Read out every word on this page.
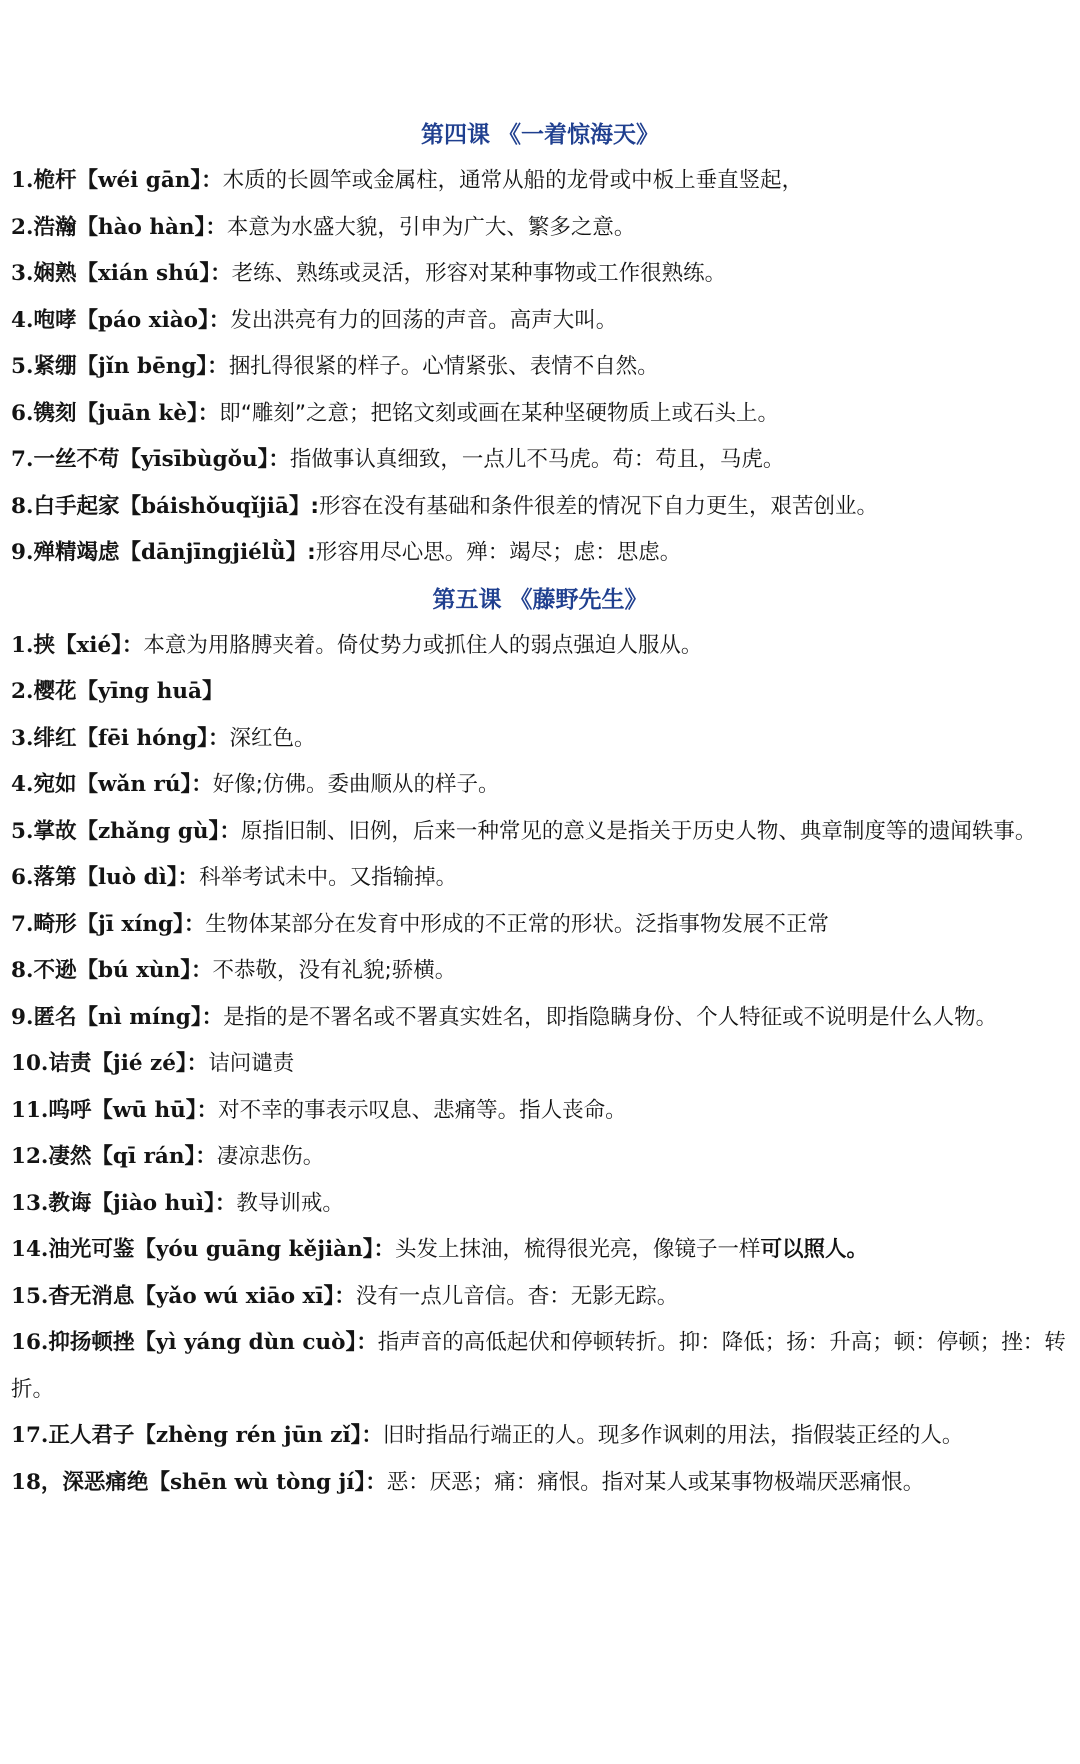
第四课 《一着惊海天》

1.桅杆【wéi gān】：木质的长圆竿或金属柱，通常从船的龙骨或中板上垂直竖起，

2.浩瀚【hào hàn】：本意为水盛大貌，引申为广大、繁多之意。

3.娴熟【xián shú】：老练、熟练或灵活，形容对某种事物或工作很熟练。

4.咆哮【páo xiào】：发出洪亮有力的回荡的声音。高声大叫。

5.紧绷【jǐn bēng】：捆扎得很紧的样子。心情紧张、表情不自然。

6.镌刻【juān kè】：即“雕刻”之意；把铭文刻或画在某种坚硬物质上或石头上。

7.一丝不苟【yīsībùgǒu】：指做事认真细致，一点儿不马虎。苟：苟且，马虎。

8.白手起家【báishǒuqǐjiā】:形容在没有基础和条件很差的情况下自力更生，艰苦创业。

9.殚精竭虑【dānjīngjiélǜ】:形容用尽心思。殚：竭尽；虑：思虑。

第五课 《藤野先生》

1.挟【xié】：本意为用胳膊夹着。倚仗势力或抓住人的弱点强迫人服从。

2.樱花【yīng huā】

3.绯红【fēi hóng】：深红色。

4.宛如【wǎn rú】：好像;仿佛。委曲顺从的样子。

5.掌故【zhǎng gù】：原指旧制、旧例，后来一种常见的意义是指关于历史人物、典章制度等的遗闻轶事。

6.落第【luò dì】：科举考试未中。又指输掉。

7.畸形【jī xíng】：生物体某部分在发育中形成的不正常的形状。泛指事物发展不正常

8.不逊【bú xùn】：不恭敬，没有礼貌;骄横。

9.匿名【nì míng】：是指的是不署名或不署真实姓名，即指隐瞒身份、个人特征或不说明是什么人物。

10.诘责【jié zé】：诘问谴责

11.呜呼【wū hū】：对不幸的事表示叹息、悲痛等。指人丧命。

12.凄然【qī rán】：凄凉悲伤。

13.教诲【jiào huì】：教导训戒。

14.油光可鉴【yóu guāng kějiàn】：头发上抹油，梳得很光亮，像镜子一样可以照人。

15.杳无消息【yǎo wú xiāo xī】：没有一点儿音信。杳：无影无踪。

16.抑扬顿挫【yì yáng dùn cuò】：指声音的高低起伏和停顿转折。抑：降低；扬：升高；顿：停顿；挫：转折。

17.正人君子【zhèng rén jūn zǐ】：旧时指品行端正的人。现多作讽刺的用法，指假装正经的人。

18，深恶痛绝【shēn wù tòng jí】：恶：厌恶；痛：痛恨。指对某人或某事物极端厌恶痛恨。
